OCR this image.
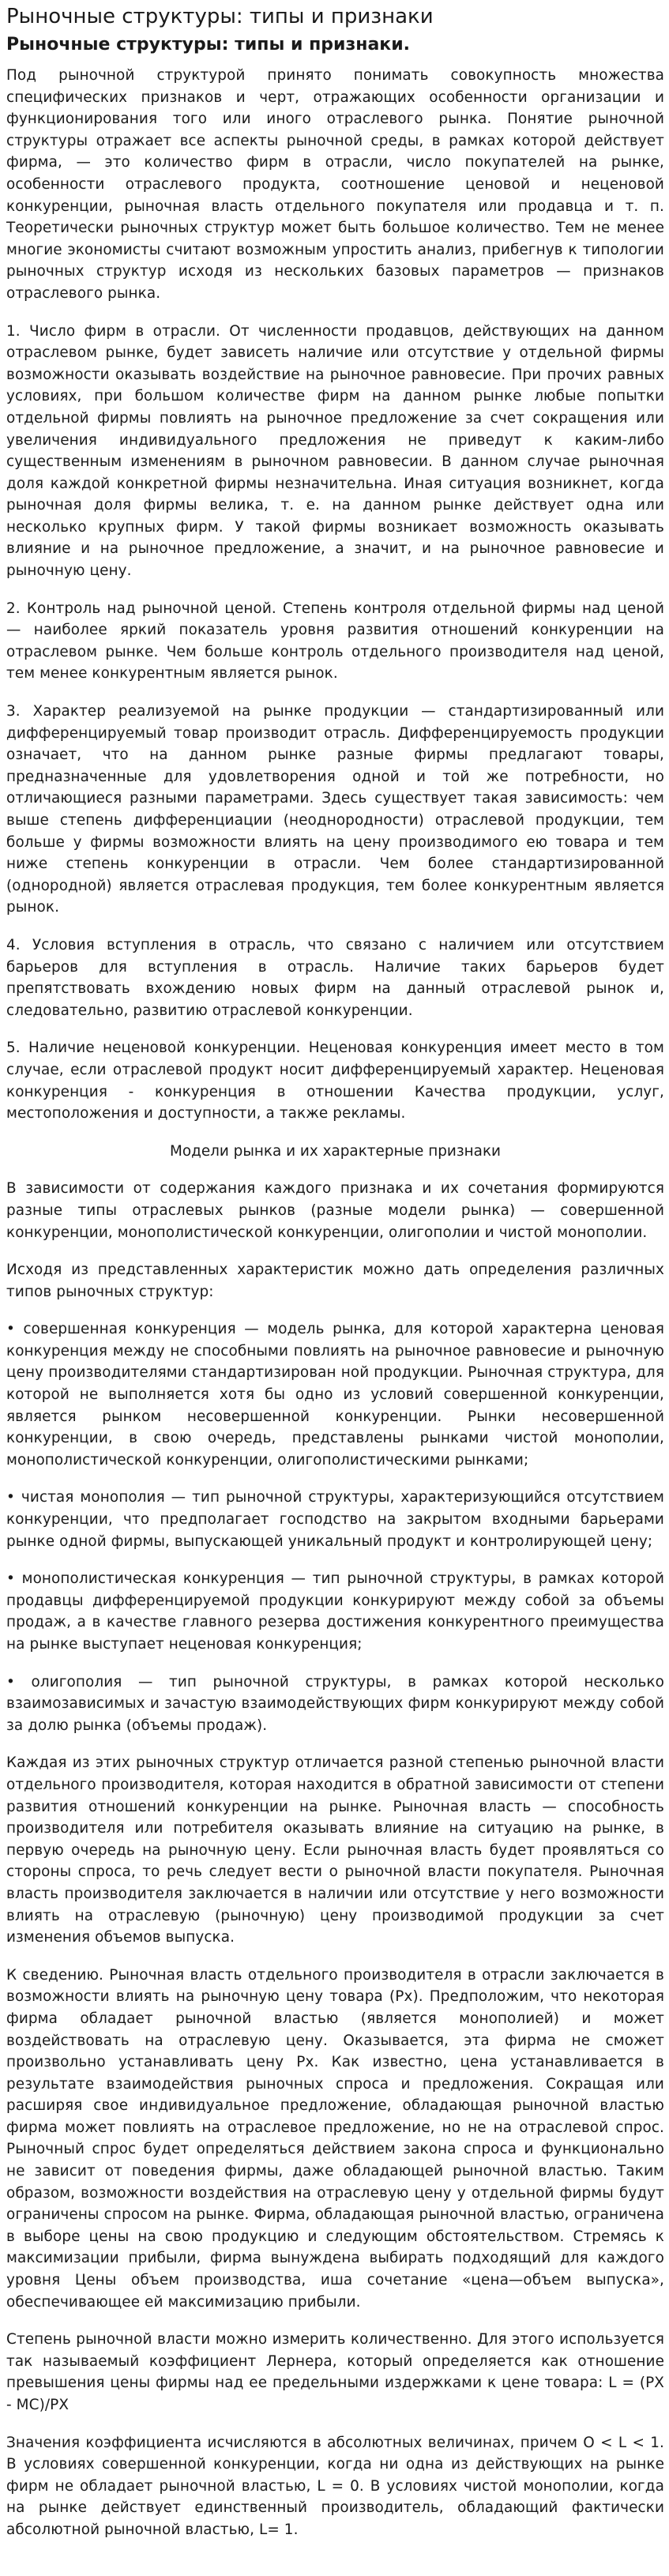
Рыночные структуры: типы и признаки
Рыночные структуры: типы и признаки.

Под рыночной структурой принято понимать совокупность множества специфических признаков и черт, отражающих особенности организации и функционирования того или иного отраслевого рынка. Понятие рыночной структуры отражает все аспекты рыночной среды, в рамках которой действует фирма, — это количество фирм в отрасли, число покупателей на рынке, особенности отраслевого продукта, соотношение ценовой и неценовой конкуренции, рыночная власть отдельного покупателя или продавца и т. п. Теоретически рыночных структур может быть большое количество. Тем не менее многие экономисты считают возможным упростить анализ, прибегнув к типологии рыночных структур исходя из нескольких базовых параметров — признаков отраслевого рынка.

1. Число фирм в отрасли. От численности продавцов, действующих на данном отраслевом рынке, будет зависеть наличие или отсутствие у отдельной фирмы возможности оказывать воздействие на рыночное равновесие. При прочих равных условиях, при большом количестве фирм на данном рынке любые попытки отдельной фирмы повлиять на рыночное предложение за счет сокращения или увеличения индивидуального предложения не приведут к каким-либо существенным изменениям в рыночном равновесии. В данном случае рыночная доля каждой конкретной фирмы незначительна. Иная ситуация возникнет, когда рыночная доля фирмы велика, т. е. на данном рынке действует одна или несколько крупных фирм. У такой фирмы возникает возможность оказывать влияние и на рыночное предложение, а значит, и на рыночное равновесие и рыночную цену.

2. Контроль над рыночной ценой. Степень контроля отдельной фирмы над ценой — наиболее яркий показатель уровня развития отношений конкуренции на отраслевом рынке. Чем больше контроль отдельного производителя над ценой, тем менее конкурентным является рынок.

3. Характер реализуемой на рынке продукции — стандартизированный или дифференцируемый товар производит отрасль. Дифференцируемость продукции означает, что на данном рынке разные фирмы предлагают товары, предназначенные для удовлетворения одной и той же потребности, но отличающиеся разными параметрами. Здесь существует такая зависимость: чем выше степень дифференциации (неоднородности) отраслевой продукции, тем больше у фирмы возможности влиять на цену производимого ею товара и тем ниже степень конкуренции в отрасли. Чем более стандартизированной (однородной) является отраслевая продукция, тем более конкурентным является рынок.

4. Условия вступления в отрасль, что связано с наличием или отсутствием барьеров для вступления в отрасль. Наличие таких барьеров будет препятствовать вхождению новых фирм на данный отраслевой рынок и, следовательно, развитию отраслевой конкуренции.

5. Наличие неценовой конкуренции. Неценовая конкуренция имеет место в том случае, если отраслевой продукт носит дифференцируемый характер. Неценовая конкуренция - конкуренция в отношении Качества продукции, услуг, местоположения и доступности, а также рекламы.

Модели рынка и их характерные признаки

В зависимости от содержания каждого признака и их сочетания формируются разные типы отраслевых рынков (разные модели рынка) — совершенной конкуренции, монополистической конкуренции, олигополии и чистой монополии.

Исходя из представленных характеристик можно дать определения различных типов рыночных структур:

• совершенная конкуренция — модель рынка, для которой характерна ценовая конкуренция между не способными повлиять на рыночное равновесие и рыночную цену производителями стандартизирован ной продукции. Рыночная структура, для которой не выполняется хотя бы одно из условий совершенной конкуренции, является рынком несовершенной конкуренции. Рынки несовершенной конкуренции, в свою очередь, представлены рынками чистой монополии, монополистической конкуренции, олигополистическими рынками;

• чистая монополия — тип рыночной структуры, характеризующийся отсутствием конкуренции, что предполагает господство на закрытом входными барьерами рынке одной фирмы, выпускающей уникальный продукт и контролирующей цену;

• монополистическая конкуренция — тип рыночной структуры, в рамках которой продавцы дифференцируемой продукции конкурируют между собой за объемы продаж, а в качестве главного резерва достижения конкурентного преимущества на рынке выступает неценовая конкуренция;

• олигополия — тип рыночной структуры, в рамках которой несколько взаимозависимых и зачастую взаимодействующих фирм конкурируют между собой за долю рынка (объемы продаж).

Каждая из этих рыночных структур отличается разной степенью рыночной власти отдельного производителя, которая находится в обратной зависимости от степени развития отношений конкуренции на рынке. Рыночная власть — способность производителя или потребителя оказывать влияние на ситуацию на рынке, в первую очередь на рыночную цену. Если рыночная власть будет проявляться со стороны спроса, то речь следует вести о рыночной власти покупателя. Рыночная власть производителя заключается в наличии или отсутствие у него возможности влиять на отраслевую (рыночную) цену производимой продукции за счет изменения объемов выпуска.

К сведению. Рыночная власть отдельного производителя в отрасли заключается в возможности влиять на рыночную цену товара (Рх). Предположим, что некоторая фирма обладает рыночной властью (является монополией) и может воздействовать на отраслевую цену. Оказывается, эта фирма не сможет произвольно устанавливать цену Рх. Как известно, цена устанавливается в результате взаимодействия рыночных спроса и предложения. Сокращая или расширяя свое индивидуальное предложение, обладающая рыночной властью фирма может повлиять на отраслевое предложение, но не на отраслевой спрос. Рыночный спрос будет определяться действием закона спроса и функционально не зависит от поведения фирмы, даже обладающей рыночной властью. Таким образом, возможности воздействия на отраслевую цену у отдельной фирмы будут ограничены спросом на рынке. Фирма, обладающая рыночной властью, ограничена в выборе цены на свою продукцию и следующим обстоятельством. Стремясь к максимизации прибыли, фирма вынуждена выбирать подходящий для каждого уровня Цены объем производства, иша сочетание «цена—объем выпуска», обеспечивающее ей максимизацию прибыли.

Степень рыночной власти можно измерить количественно. Для этого используется так называемый коэффициент Лернера, который определяется как отношение превышения цены фирмы над ее предельными издержками к цене товара: L = (PX - MC)/PX

Значения коэффициента исчисляются в абсолютных величинах, причем O < L < 1. В условиях совершенной конкуренции, когда ни одна из действующих на рынке фирм не обладает рыночной властью, L = 0. В условиях чистой монополии, когда на рынке действует единственный производитель, обладающий фактически абсолютной рыночной властью, L= 1.
